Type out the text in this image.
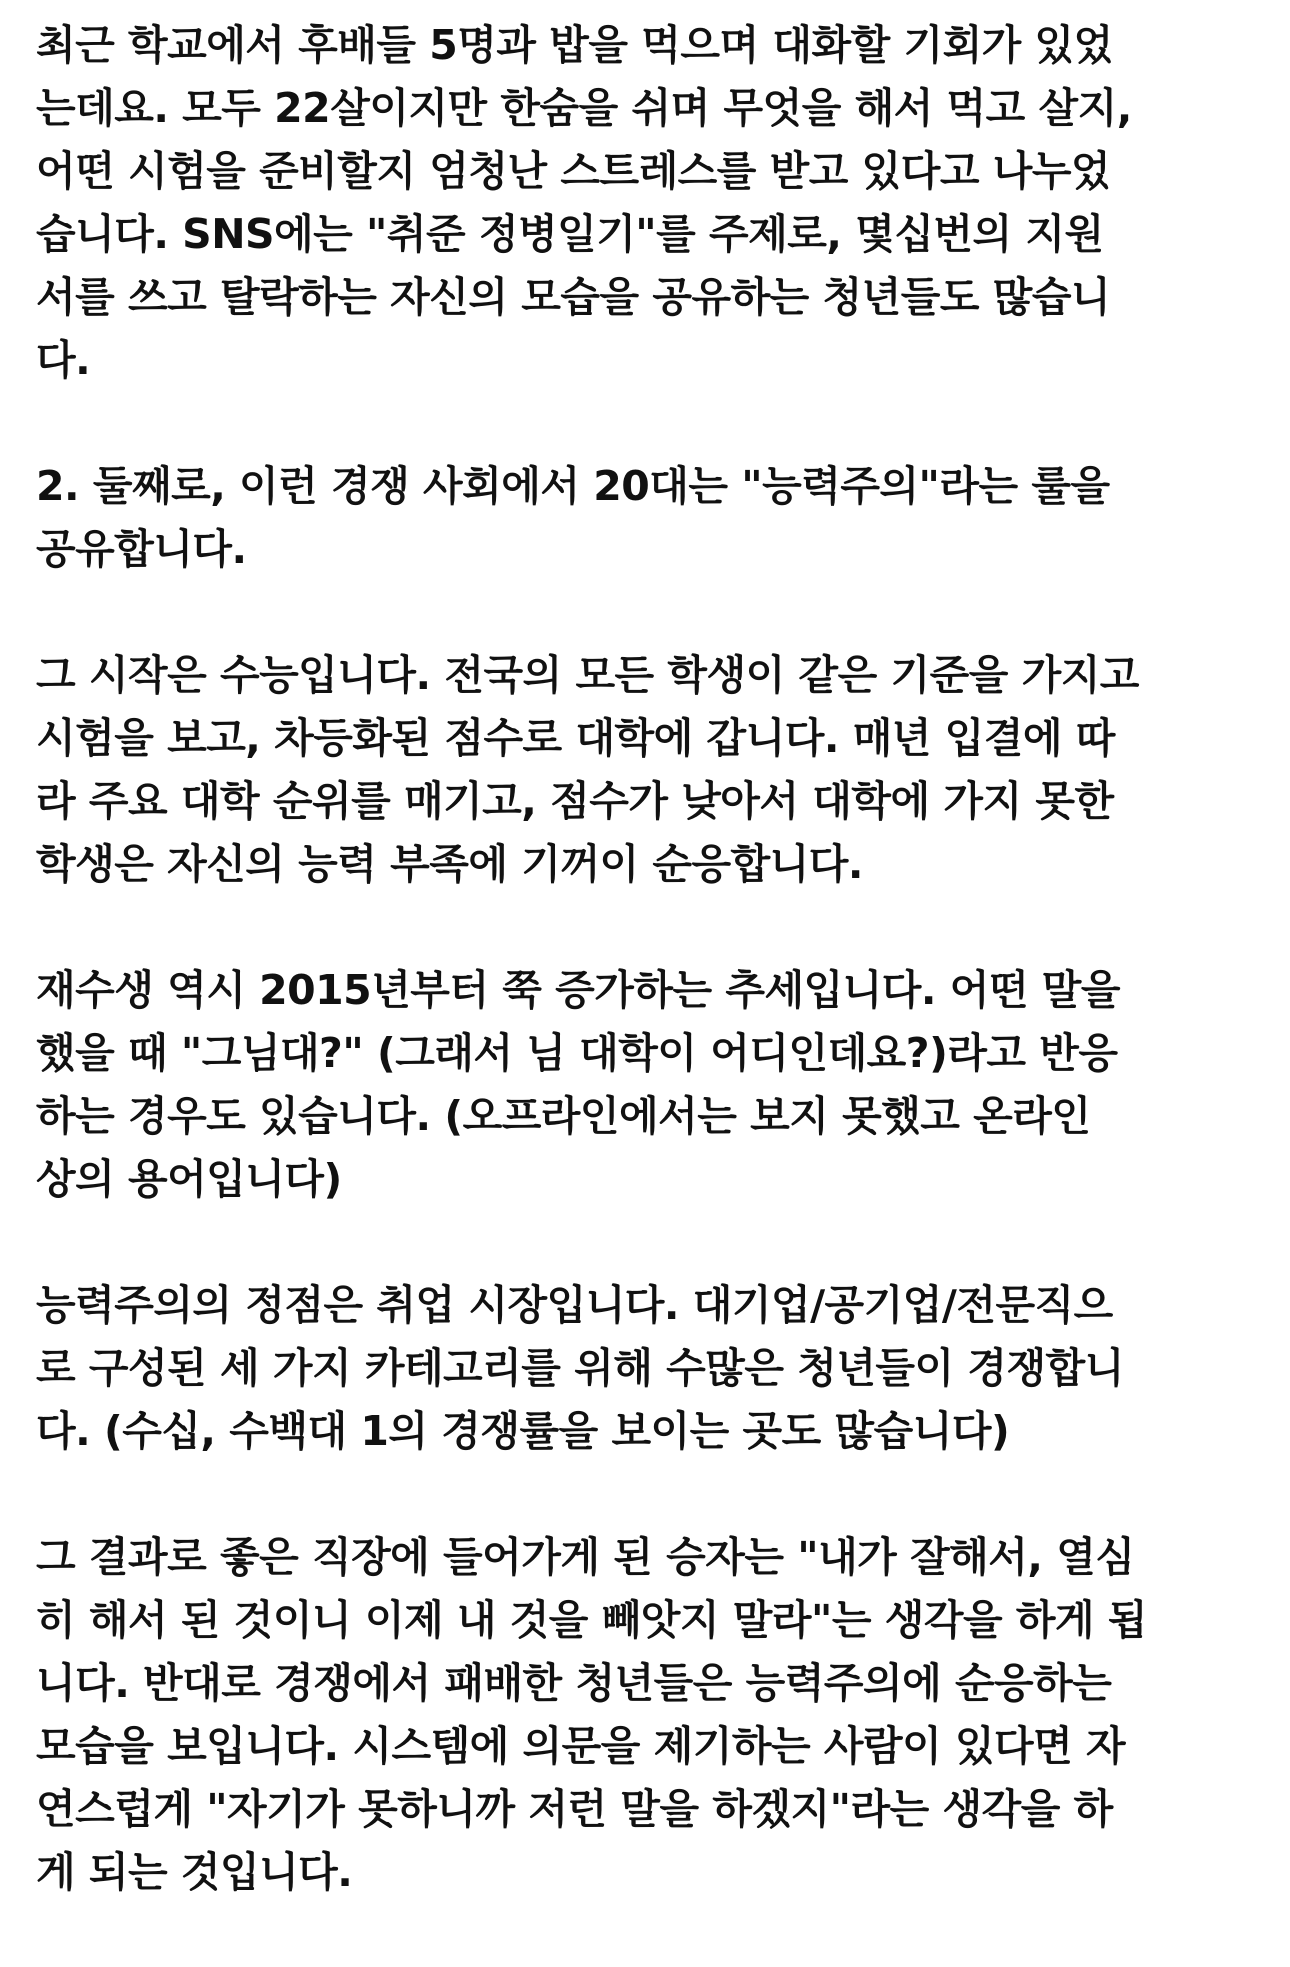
최근 학교에서 후배들 5명과 밥을 먹으며 대화할 기회가 있었
는데요. 모두 22살이지만 한숨을 쉬며 무엇을 해서 먹고 살지,
어떤 시험을 준비할지 엄청난 스트레스를 받고 있다고 나누었
습니다. SNS에는 "취준 정병일기"를 주제로, 몇십번의 지원
서를 쓰고 탈락하는 자신의 모습을 공유하는 청년들도 많습니
다.

2. 둘째로, 이런 경쟁 사회에서 20대는 "능력주의"라는 룰을
공유합니다.

그 시작은 수능입니다. 전국의 모든 학생이 같은 기준을 가지고
시험을 보고, 차등화된 점수로 대학에 갑니다. 매년 입결에 따
라 주요 대학 순위를 매기고, 점수가 낮아서 대학에 가지 못한
학생은 자신의 능력 부족에 기꺼이 순응합니다.

재수생 역시 2015년부터 쭉 증가하는 추세입니다. 어떤 말을
했을 때 "그님대?" (그래서 님 대학이 어디인데요?)라고 반응
하는 경우도 있습니다. (오프라인에서는 보지 못했고 온라인
상의 용어입니다)

능력주의의 정점은 취업 시장입니다. 대기업/공기업/전문직으
로 구성된 세 가지 카테고리를 위해 수많은 청년들이 경쟁합니
다. (수십, 수백대 1의 경쟁률을 보이는 곳도 많습니다)

그 결과로 좋은 직장에 들어가게 된 승자는 "내가 잘해서, 열심
히 해서 된 것이니 이제 내 것을 빼앗지 말라"는 생각을 하게 됩
니다. 반대로 경쟁에서 패배한 청년들은 능력주의에 순응하는
모습을 보입니다. 시스템에 의문을 제기하는 사람이 있다면 자
연스럽게 "자기가 못하니까 저런 말을 하겠지"라는 생각을 하
게 되는 것입니다.
